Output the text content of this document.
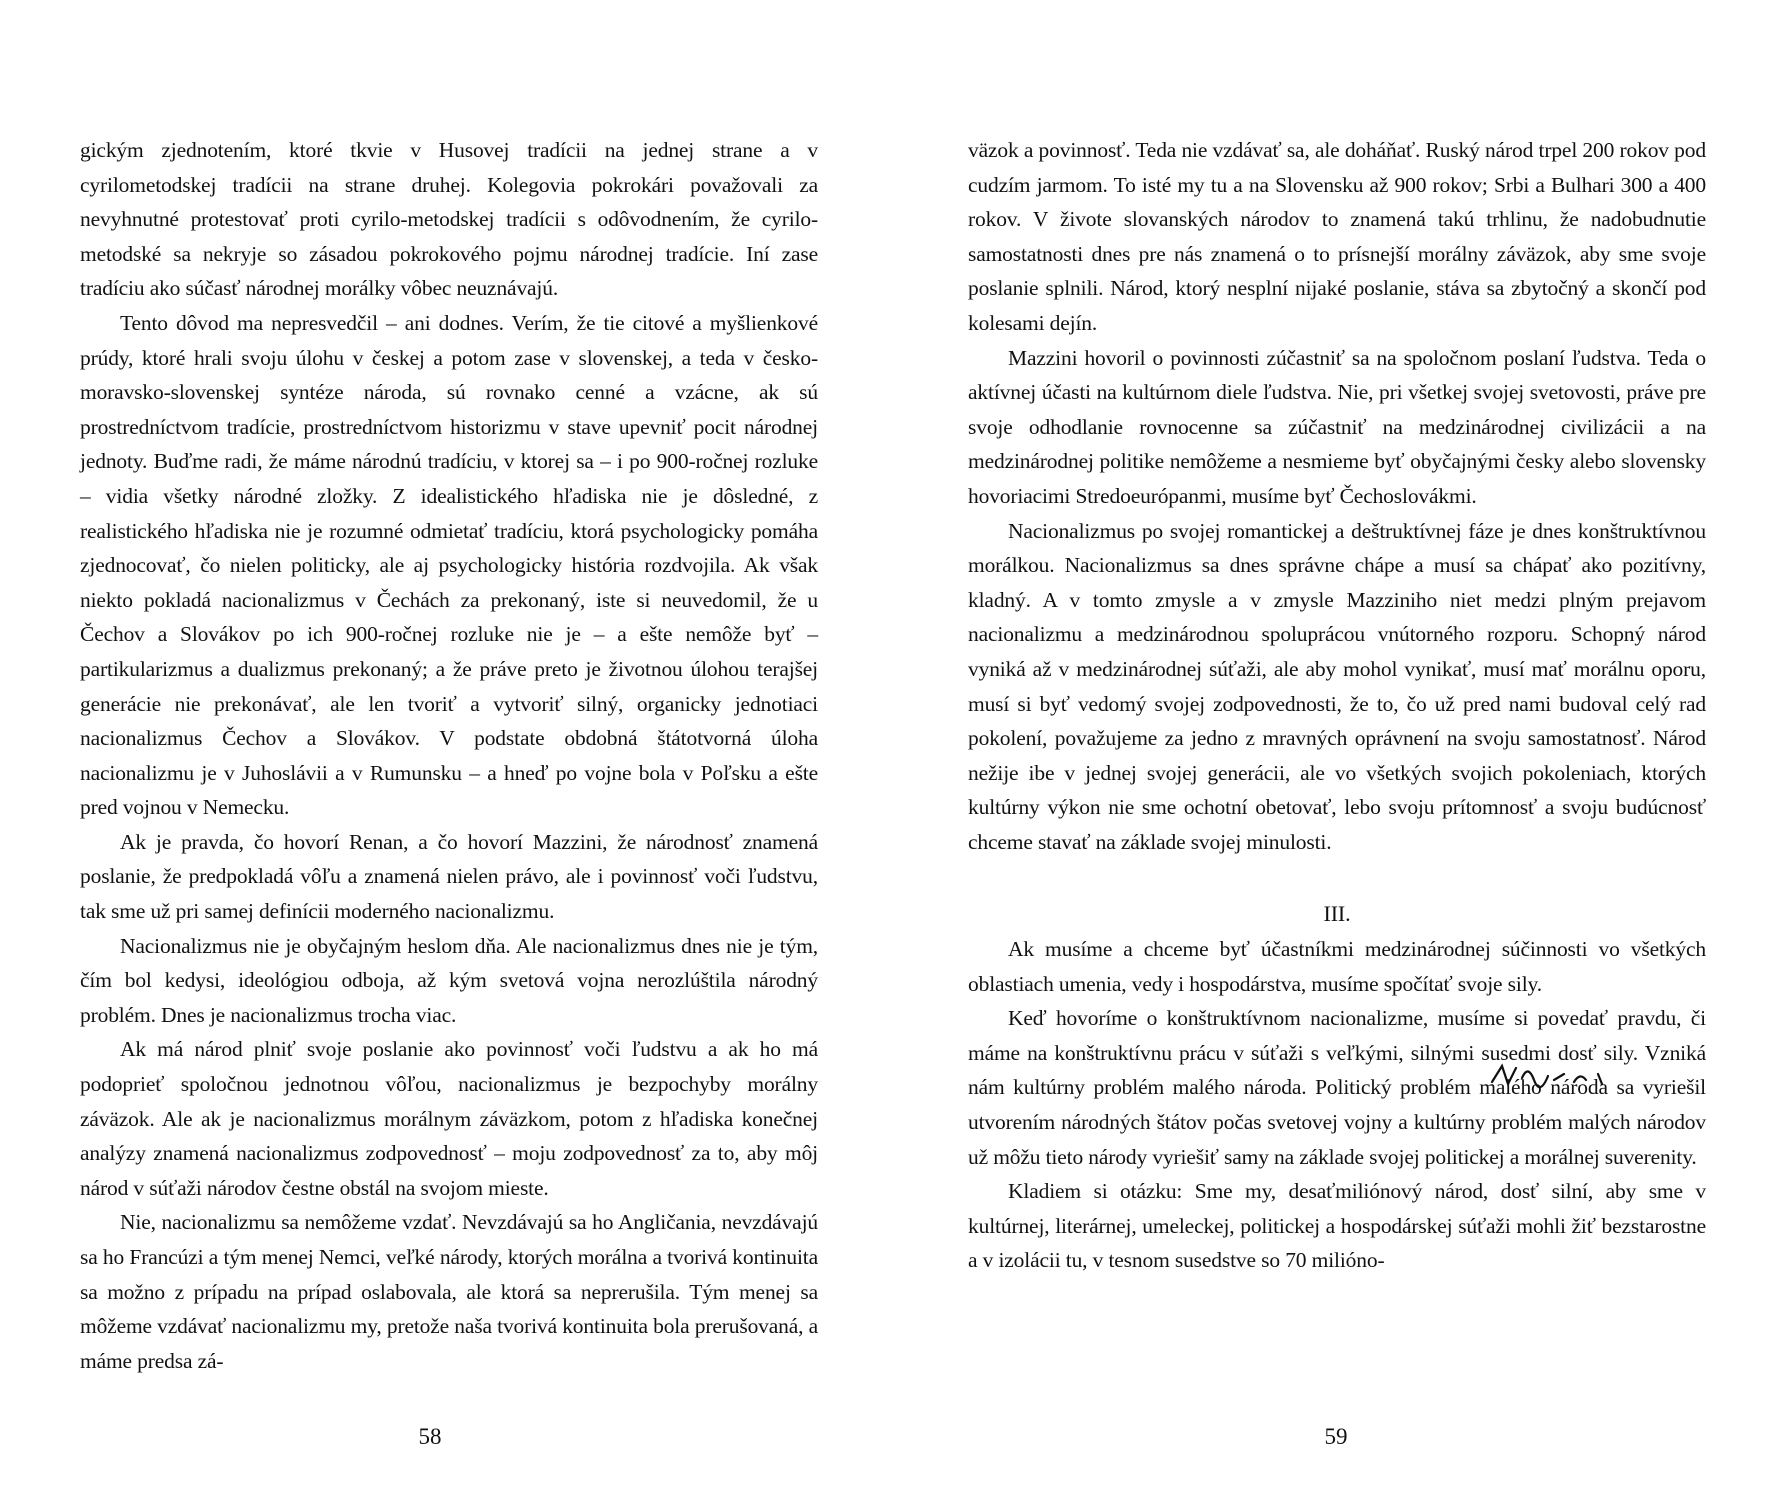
gickým zjednotením, ktoré tkvie v Husovej tradícii na jednej strane a v cyrilometodskej tradícii na strane druhej. Kolegovia pokrokári považovali za nevyhnutné protestovať proti cyrilo-metodskej tradícii s odôvodnením, že cyrilo-metodské sa nekryje so zásadou pokrokového pojmu národnej tradície. Iní zase tradíciu ako súčasť národnej morálky vôbec neuznávajú.

Tento dôvod ma nepresvedčil – ani dodnes. Verím, že tie citové a myšlienkové prúdy, ktoré hrali svoju úlohu v českej a potom zase v slovenskej, a teda v česko-moravsko-slovenskej syntéze národa, sú rovnako cenné a vzácne, ak sú prostredníctvom tradície, prostredníctvom historizmu v stave upevniť pocit národnej jednoty. Buďme radi, že máme národnú tradíciu, v ktorej sa – i po 900-ročnej rozluke – vidia všetky národné zložky. Z idealistického hľadiska nie je dôsledné, z realistického hľadiska nie je rozumné odmietať tradíciu, ktorá psychologicky pomáha zjednocovať, čo nielen politicky, ale aj psychologicky história rozdvojila. Ak však niekto pokladá nacionalizmus v Čechách za prekonaný, iste si neuvedomil, že u Čechov a Slovákov po ich 900-ročnej rozluke nie je – a ešte nemôže byť – partikularizmus a dualizmus prekonaný; a že práve preto je životnou úlohou terajšej generácie nie prekonávať, ale len tvoriť a vytvoriť silný, organicky jednotiaci nacionalizmus Čechov a Slovákov. V podstate obdobná štátotvorná úloha nacionalizmu je v Juhoslávii a v Rumunsku – a hneď po vojne bola v Poľsku a ešte pred vojnou v Nemecku.

Ak je pravda, čo hovorí Renan, a čo hovorí Mazzini, že národnosť znamená poslanie, že predpokladá vôľu a znamená nielen právo, ale i povinnosť voči ľudstvu, tak sme už pri samej definícii moderného nacionalizmu.

Nacionalizmus nie je obyčajným heslom dňa. Ale nacionalizmus dnes nie je tým, čím bol kedysi, ideológiou odboja, až kým svetová vojna nerozlúštila národný problém. Dnes je nacionalizmus trocha viac.

Ak má národ plniť svoje poslanie ako povinnosť voči ľudstvu a ak ho má podoprieť spoločnou jednotnou vôľou, nacionalizmus je bezpochyby morálny záväzok. Ale ak je nacionalizmus morálnym záväzkom, potom z hľadiska konečnej analýzy znamená nacionalizmus zodpovednosť – moju zodpovednosť za to, aby môj národ v súťaži národov čestne obstál na svojom mieste.

Nie, nacionalizmu sa nemôžeme vzdať. Nevzdávajú sa ho Angličania, nevzdávajú sa ho Francúzi a tým menej Nemci, veľké národy, ktorých morálna a tvorivá kontinuita sa možno z prípadu na prípad oslabovala, ale ktorá sa neprerušila. Tým menej sa môžeme vzdávať nacionalizmu my, pretože naša tvorivá kontinuita bola prerušovaná, a máme predsa zá-

58

väzok a povinnosť. Teda nie vzdávať sa, ale doháňať. Ruský národ trpel 200 rokov pod cudzím jarmom. To isté my tu a na Slovensku až 900 rokov; Srbi a Bulhari 300 a 400 rokov. V živote slovanských národov to znamená takú trhlinu, že nadobudnutie samostatnosti dnes pre nás znamená o to prísnejší morálny záväzok, aby sme svoje poslanie splnili. Národ, ktorý nesplní nijaké poslanie, stáva sa zbytočný a skončí pod kolesami dejín.

Mazzini hovoril o povinnosti zúčastniť sa na spoločnom poslaní ľudstva. Teda o aktívnej účasti na kultúrnom diele ľudstva. Nie, pri všetkej svojej svetovosti, práve pre svoje odhodlanie rovnocenne sa zúčastniť na medzinárodnej civilizácii a na medzinárodnej politike nemôžeme a nesmieme byť obyčajnými česky alebo slovensky hovoriacimi Stredoeurópanmi, musíme byť Čechoslovákmi.

Nacionalizmus po svojej romantickej a deštruktívnej fáze je dnes konštruktívnou morálkou. Nacionalizmus sa dnes správne chápe a musí sa chápať ako pozitívny, kladný. A v tomto zmysle a v zmysle Mazziniho niet medzi plným prejavom nacionalizmu a medzinárodnou spoluprácou vnútorného rozporu. Schopný národ vyniká až v medzinárodnej súťaži, ale aby mohol vynikať, musí mať morálnu oporu, musí si byť vedomý svojej zodpovednosti, že to, čo už pred nami budoval celý rad pokolení, považujeme za jedno z mravných oprávnení na svoju samostatnosť. Národ nežije ibe v jednej svojej generácii, ale vo všetkých svojich pokoleniach, ktorých kultúrny výkon nie sme ochotní obetovať, lebo svoju prítomnosť a svoju budúcnosť chceme stavať na základe svojej minulosti.

III.

Ak musíme a chceme byť účastníkmi medzinárodnej súčinnosti vo všetkých oblastiach umenia, vedy i hospodárstva, musíme spočítať svoje sily.

Keď hovoríme o konštruktívnom nacionalizme, musíme si povedať pravdu, či máme na konštruktívnu prácu v súťaži s veľkými, silnými susedmi dosť sily. Vzniká nám kultúrny problém malého národa. Politický problém malého národa sa vyriešil utvorením národných štátov počas svetovej vojny a kultúrny problém malých národov už môžu tieto národy vyriešiť samy na základe svojej politickej a morálnej suverenity.

Kladiem si otázku: Sme my, desaťmiliónový národ, dosť silní, aby sme v kultúrnej, literárnej, umeleckej, politickej a hospodárskej súťaži mohli žiť bezstarostne a v izolácii tu, v tesnom susedstve so 70 milióno-

59
